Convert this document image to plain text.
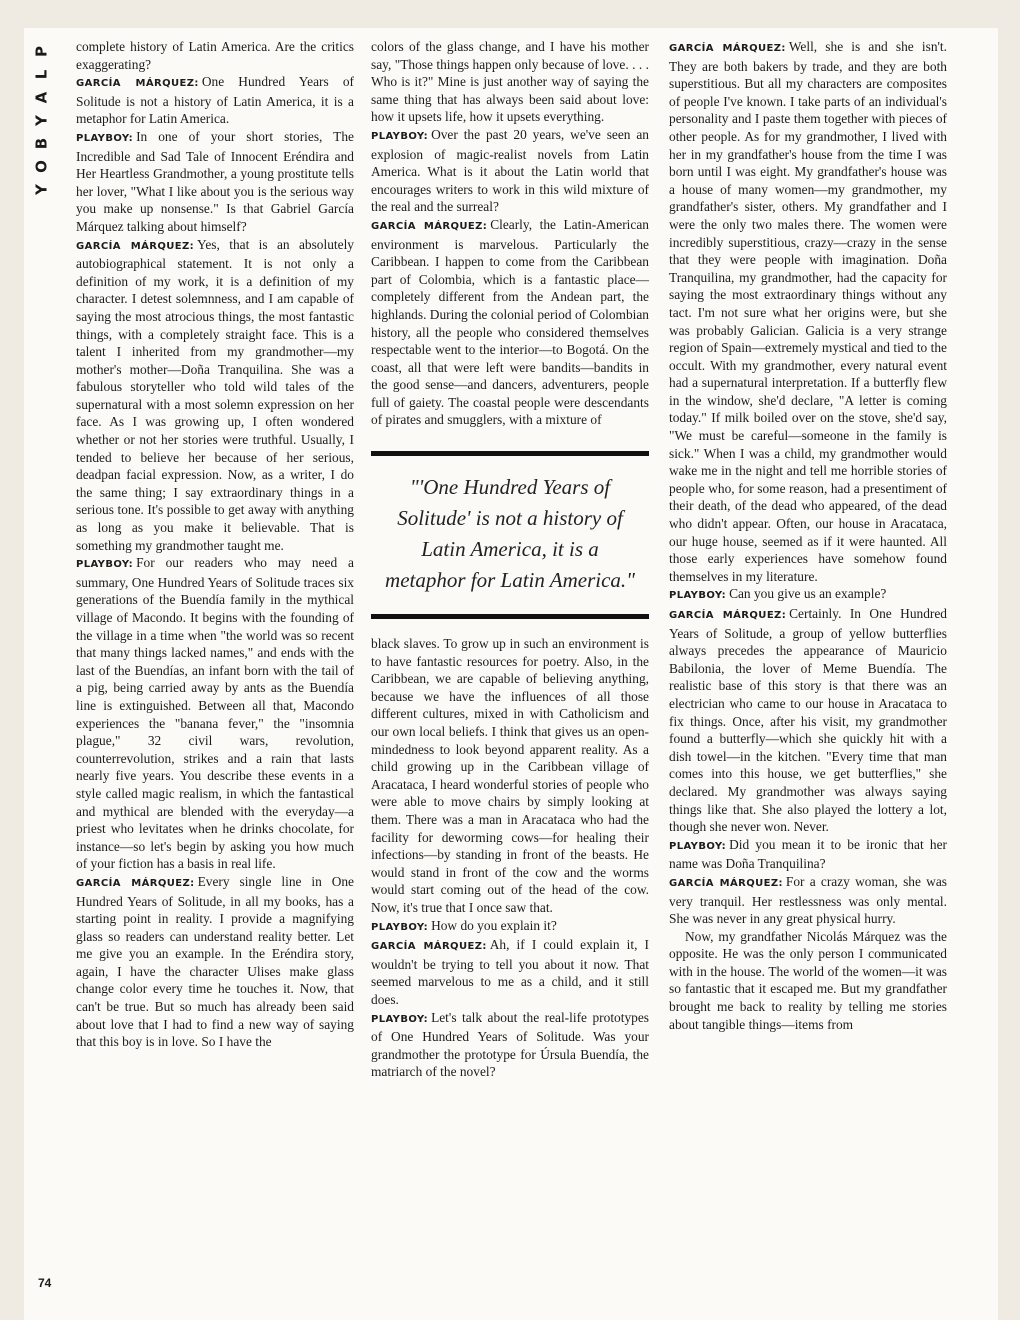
P
L
A
Y
B
O
Y

complete history of Latin America. Are the critics exaggerating?

GARCÍA MÁRQUEZ: One Hundred Years of Solitude is not a history of Latin America, it is a metaphor for Latin America.

PLAYBOY: In one of your short stories, The Incredible and Sad Tale of Innocent Eréndira and Her Heartless Grandmother, a young prostitute tells her lover, "What I like about you is the serious way you make up nonsense." Is that Gabriel García Márquez talking about himself?

GARCÍA MÁRQUEZ: Yes, that is an absolutely autobiographical statement. It is not only a definition of my work, it is a definition of my character. I detest solemnness, and I am capable of saying the most atrocious things, the most fantastic things, with a completely straight face. This is a talent I inherited from my grandmother—my mother's mother—Doña Tranquilina. She was a fabulous storyteller who told wild tales of the supernatural with a most solemn expression on her face. As I was growing up, I often wondered whether or not her stories were truthful. Usually, I tended to believe her because of her serious, deadpan facial expression. Now, as a writer, I do the same thing; I say extraordinary things in a serious tone. It's possible to get away with anything as long as you make it believable. That is something my grandmother taught me.

PLAYBOY: For our readers who may need a summary, One Hundred Years of Solitude traces six generations of the Buendía family in the mythical village of Macondo. It begins with the founding of the village in a time when "the world was so recent that many things lacked names," and ends with the last of the Buendías, an infant born with the tail of a pig, being carried away by ants as the Buendía line is extinguished. Between all that, Macondo experiences the "banana fever," the "insomnia plague," 32 civil wars, revolution, counterrevolution, strikes and a rain that lasts nearly five years. You describe these events in a style called magic realism, in which the fantastical and mythical are blended with the everyday—a priest who levitates when he drinks chocolate, for instance—so let's begin by asking you how much of your fiction has a basis in real life.

GARCÍA MÁRQUEZ: Every single line in One Hundred Years of Solitude, in all my books, has a starting point in reality. I provide a magnifying glass so readers can understand reality better. Let me give you an example. In the Eréndira story, again, I have the character Ulises make glass change color every time he touches it. Now, that can't be true. But so much has already been said about love that I had to find a new way of saying that this boy is in love. So I have the

colors of the glass change, and I have his mother say, "Those things happen only because of love. . . . Who is it?" Mine is just another way of saying the same thing that has always been said about love: how it upsets life, how it upsets everything.

PLAYBOY: Over the past 20 years, we've seen an explosion of magic-realist novels from Latin America. What is it about the Latin world that encourages writers to work in this wild mixture of the real and the surreal?

GARCÍA MÁRQUEZ: Clearly, the Latin-American environment is marvelous. Particularly the Caribbean. I happen to come from the Caribbean part of Colombia, which is a fantastic place—completely different from the Andean part, the highlands. During the colonial period of Colombian history, all the people who considered themselves respectable went to the interior—to Bogotá. On the coast, all that were left were bandits—bandits in the good sense—and dancers, adventurers, people full of gaiety. The coastal people were descendants of pirates and smugglers, with a mixture of

"'One Hundred Years of Solitude' is not a history of Latin America, it is a metaphor for Latin America."

black slaves. To grow up in such an environment is to have fantastic resources for poetry. Also, in the Caribbean, we are capable of believing anything, because we have the influences of all those different cultures, mixed in with Catholicism and our own local beliefs. I think that gives us an open-mindedness to look beyond apparent reality. As a child growing up in the Caribbean village of Aracataca, I heard wonderful stories of people who were able to move chairs by simply looking at them. There was a man in Aracataca who had the facility for deworming cows—for healing their infections—by standing in front of the beasts. He would stand in front of the cow and the worms would start coming out of the head of the cow. Now, it's true that I once saw that.

PLAYBOY: How do you explain it?

GARCÍA MÁRQUEZ: Ah, if I could explain it, I wouldn't be trying to tell you about it now. That seemed marvelous to me as a child, and it still does.

PLAYBOY: Let's talk about the real-life prototypes of One Hundred Years of Solitude. Was your grandmother the prototype for Úrsula Buendía, the matriarch of the novel?

GARCÍA MÁRQUEZ: Well, she is and she isn't. They are both bakers by trade, and they are both superstitious. But all my characters are composites of people I've known. I take parts of an individual's personality and I paste them together with pieces of other people. As for my grandmother, I lived with her in my grandfather's house from the time I was born until I was eight. My grandfather's house was a house of many women—my grandmother, my grandfather's sister, others. My grandfather and I were the only two males there. The women were incredibly superstitious, crazy—crazy in the sense that they were people with imagination. Doña Tranquilina, my grandmother, had the capacity for saying the most extraordinary things without any tact. I'm not sure what her origins were, but she was probably Galician. Galicia is a very strange region of Spain—extremely mystical and tied to the occult. With my grandmother, every natural event had a supernatural interpretation. If a butterfly flew in the window, she'd declare, "A letter is coming today." If milk boiled over on the stove, she'd say, "We must be careful—someone in the family is sick." When I was a child, my grandmother would wake me in the night and tell me horrible stories of people who, for some reason, had a presentiment of their death, of the dead who appeared, of the dead who didn't appear. Often, our house in Aracataca, our huge house, seemed as if it were haunted. All those early experiences have somehow found themselves in my literature.

PLAYBOY: Can you give us an example?

GARCÍA MÁRQUEZ: Certainly. In One Hundred Years of Solitude, a group of yellow butterflies always precedes the appearance of Mauricio Babilonia, the lover of Meme Buendía. The realistic base of this story is that there was an electrician who came to our house in Aracataca to fix things. Once, after his visit, my grandmother found a butterfly—which she quickly hit with a dish towel—in the kitchen. "Every time that man comes into this house, we get butterflies," she declared. My grandmother was always saying things like that. She also played the lottery a lot, though she never won. Never.

PLAYBOY: Did you mean it to be ironic that her name was Doña Tranquilina?

GARCÍA MÁRQUEZ: For a crazy woman, she was very tranquil. Her restlessness was only mental. She was never in any great physical hurry.

Now, my grandfather Nicolás Márquez was the opposite. He was the only person I communicated with in the house. The world of the women—it was so fantastic that it escaped me. But my grandfather brought me back to reality by telling me stories about tangible things—items from

74
